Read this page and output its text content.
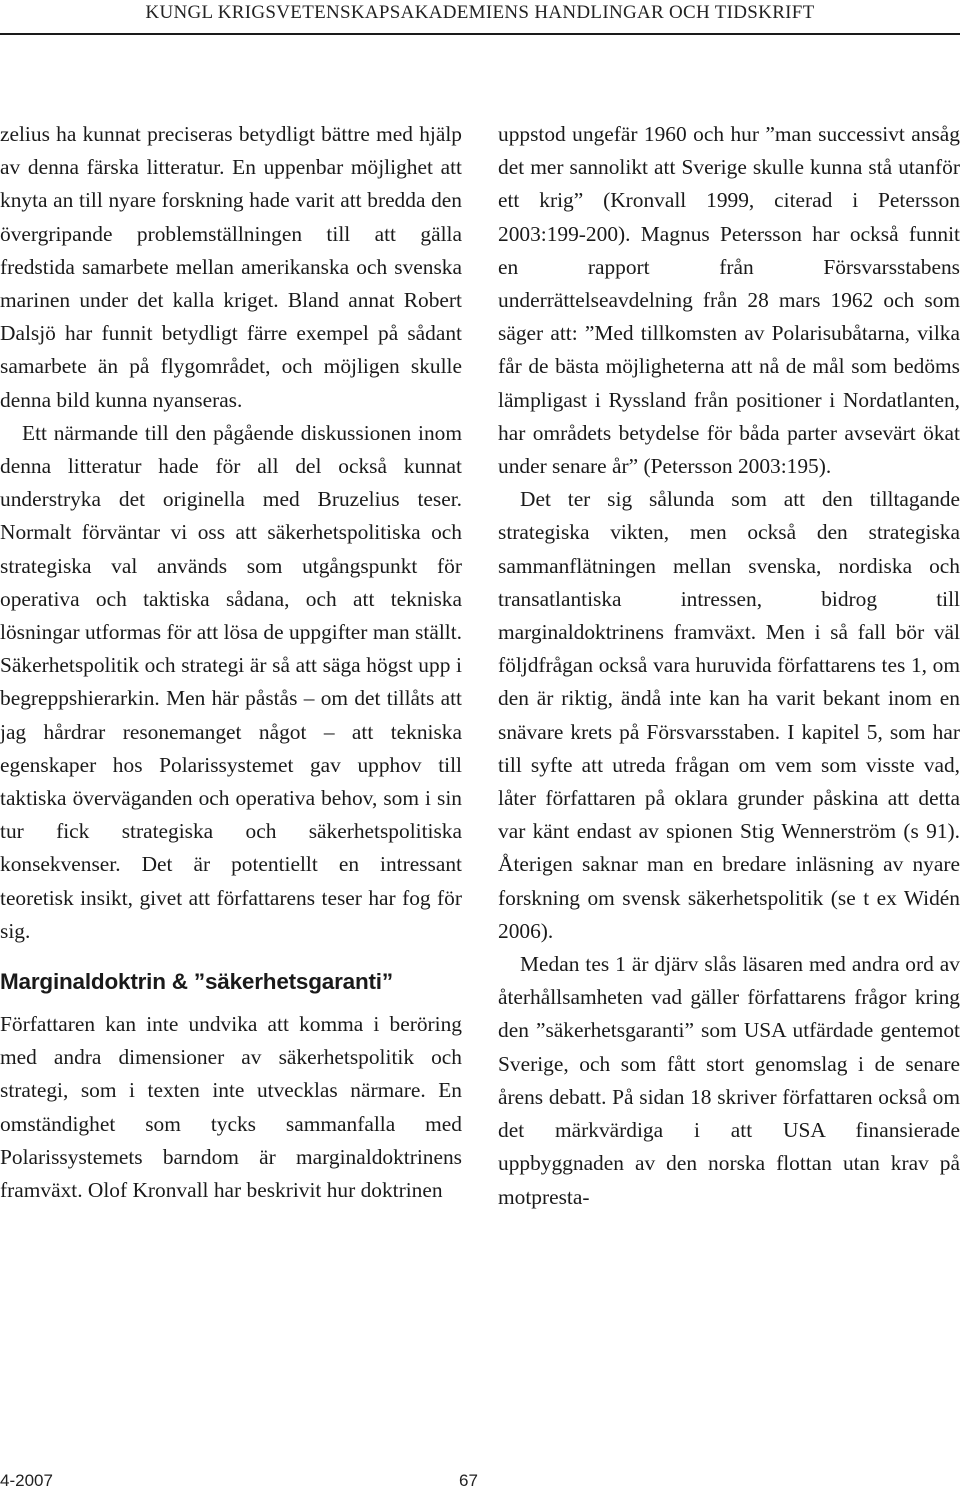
KUNGL KRIGSVETENSKAPSAKADEMIENS HANDLINGAR OCH TIDSKRIFT

zelius ha kunnat preciseras betydligt bättre med hjälp av denna färska litteratur. En uppenbar möjlighet att knyta an till nyare forskning hade varit att bredda den övergripande problemställningen till att gälla fredstida samarbete mellan amerikanska och svenska marinen under det kalla kriget. Bland annat Robert Dalsjö har funnit betydligt färre exempel på sådant samarbete än på flygområdet, och möjligen skulle denna bild kunna nyanseras.

Ett närmande till den pågående diskussionen inom denna litteratur hade för all del också kunnat understryka det originella med Bruzelius teser. Normalt förväntar vi oss att säkerhetspolitiska och strategiska val används som utgångspunkt för operativa och taktiska sådana, och att tekniska lösningar utformas för att lösa de uppgifter man ställt. Säkerhetspolitik och strategi är så att säga högst upp i begreppshierarkin. Men här påstås – om det tillåts att jag hårdrar resonemanget något – att tekniska egenskaper hos Polarissystemet gav upphov till taktiska överväganden och operativa behov, som i sin tur fick strategiska och säkerhetspolitiska konsekvenser. Det är potentiellt en intressant teoretisk insikt, givet att författarens teser har fog för sig.

Marginaldoktrin & ”säkerhetsgaranti”

Författaren kan inte undvika att komma i beröring med andra dimensioner av säkerhetspolitik och strategi, som i texten inte utvecklas närmare. En omständighet som tycks sammanfalla med Polarissystemets barndom är marginaldoktrinens framväxt. Olof Kronvall har beskrivit hur doktrinen

uppstod ungefär 1960 och hur ”man successivt ansåg det mer sannolikt att Sverige skulle kunna stå utanför ett krig” (Kronvall 1999, citerad i Petersson 2003:199-200). Magnus Petersson har också funnit en rapport från Försvarsstabens underrättelseavdelning från 28 mars 1962 och som säger att: ”Med tillkomsten av Polarisubåtarna, vilka får de bästa möjligheterna att nå de mål som bedöms lämpligast i Ryssland från positioner i Nordatlanten, har områdets betydelse för båda parter avsevärt ökat under senare år” (Petersson 2003:195).

Det ter sig sålunda som att den tilltagande strategiska vikten, men också den strategiska sammanflätningen mellan svenska, nordiska och transatlantiska intressen, bidrog till marginaldoktrinens framväxt. Men i så fall bör väl följdfrågan också vara huruvida författarens tes 1, om den är riktig, ändå inte kan ha varit bekant inom en snävare krets på Försvarsstaben. I kapitel 5, som har till syfte att utreda frågan om vem som visste vad, låter författaren på oklara grunder påskina att detta var känt endast av spionen Stig Wennerström (s 91). Återigen saknar man en bredare inläsning av nyare forskning om svensk säkerhetspolitik (se t ex Widén 2006).

Medan tes 1 är djärv slås läsaren med andra ord av återhållsamheten vad gäller författarens frågor kring den ”säkerhetsgaranti” som USA utfärdade gentemot Sverige, och som fått stort genomslag i de senare årens debatt. På sidan 18 skriver författaren också om det märkvärdiga i att USA finansierade uppbyggnaden av den norska flottan utan krav på motpresta-

4-2007	67
